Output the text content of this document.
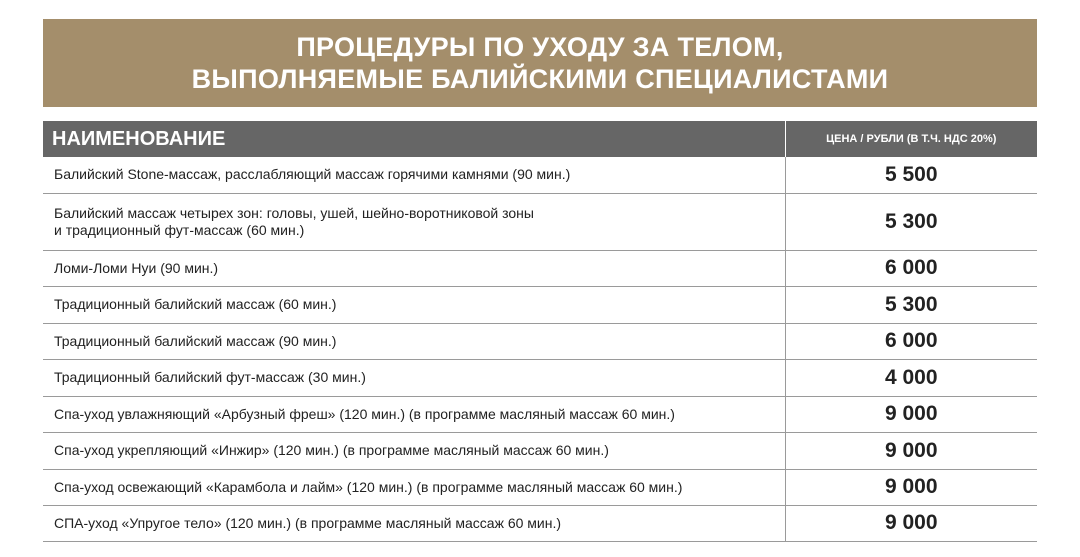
ПРОЦЕДУРЫ ПО УХОДУ ЗА ТЕЛОМ,
ВЫПОЛНЯЕМЫЕ БАЛИЙСКИМИ СПЕЦИАЛИСТАМИ
НАИМЕНОВАНИЕ	ЦЕНА / РУБЛИ (В Т.Ч. НДС 20%)
Балийский Stone-массаж, расслабляющий массаж горячими камнями (90 мин.)	5 500

Балийский массаж четырех зон: головы, ушей, шейно-воротниковой зоны
и традиционный фут-массаж (60 мин.)	5 300
Ломи-Ломи Нуи (90 мин.)	6 000
Традиционный балийский массаж (60 мин.)	5 300
Традиционный балийский массаж (90 мин.)	6 000
Традиционный балийский фут-массаж (30 мин.)	4 000
Спа-уход увлажняющий «Арбузный фреш» (120 мин.) (в программе масляный массаж 60 мин.)	9 000
Спа-уход укрепляющий «Инжир» (120 мин.) (в программе масляный массаж 60 мин.)	9 000
Спа-уход освежающий «Карамбола и лайм» (120 мин.) (в программе масляный массаж 60 мин.)	9 000
СПА-уход «Упругое тело» (120 мин.) (в программе масляный массаж 60 мин.)	9 000
